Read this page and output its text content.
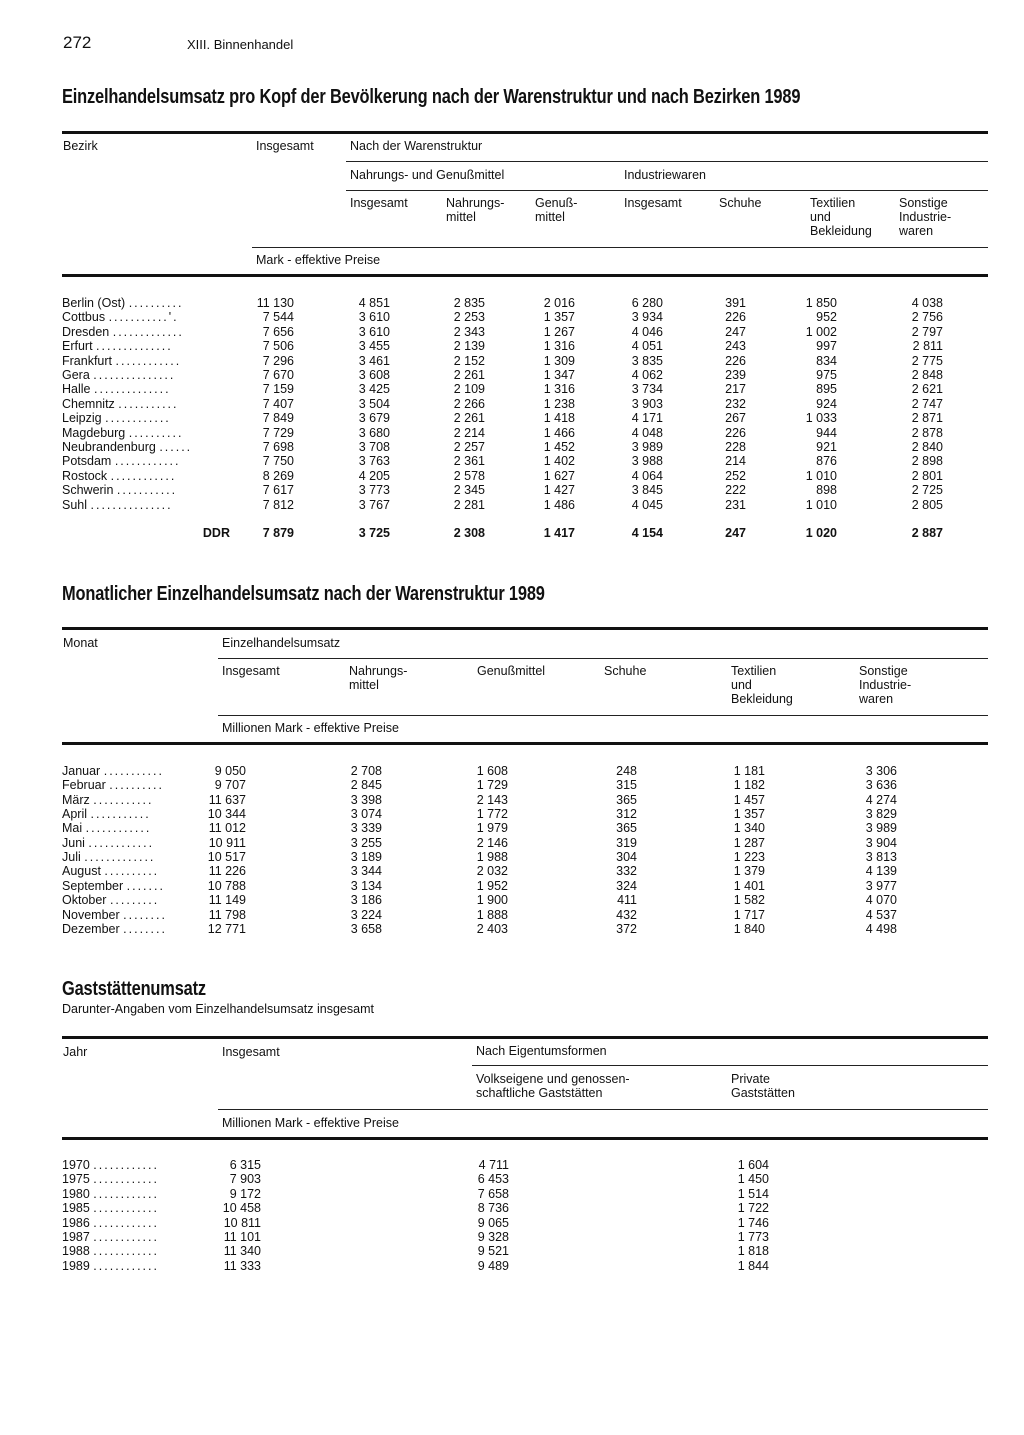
272	XIII. Binnenhandel
Einzelhandelsumsatz pro Kopf der Bevölkerung nach der Warenstruktur und nach Bezirken 1989
Bezirk	Insgesamt	Nach der Warenstruktur
Nahrungs- und Genußmittel	Industriewaren
Insgesamt	Nahrungs-
mittel
Genuß-
mittel
Insgesamt	Schuhe	Textilien
und
Bekleidung
Sonstige
Industrie-
waren
Mark - effektive Preise
Berlin (Ost) ..........	11 130	4 851	2 835	2 016	6 280	391	1 850	4 038
Cottbus ...........'.	7 544	3 610	2 253	1 357	3 934	226	952	2 756
Dresden .............	7 656	3 610	2 343	1 267	4 046	247	1 002	2 797
Erfurt ..............	7 506	3 455	2 139	1 316	4 051	243	997	2 811
Frankfurt ............	7 296	3 461	2 152	1 309	3 835	226	834	2 775
Gera ...............	7 670	3 608	2 261	1 347	4 062	239	975	2 848
Halle ..............	7 159	3 425	2 109	1 316	3 734	217	895	2 621
Chemnitz ...........	7 407	3 504	2 266	1 238	3 903	232	924	2 747
Leipzig ............	7 849	3 679	2 261	1 418	4 171	267	1 033	2 871
Magdeburg ..........	7 729	3 680	2 214	1 466	4 048	226	944	2 878
Neubrandenburg ......	7 698	3 708	2 257	1 452	3 989	228	921	2 840
Potsdam ............	7 750	3 763	2 361	1 402	3 988	214	876	2 898
Rostock ............	8 269	4 205	2 578	1 627	4 064	252	1 010	2 801
Schwerin ...........	7 617	3 773	2 345	1 427	3 845	222	898	2 725
Suhl ...............	7 812	3 767	2 281	1 486	4 045	231	1 010	2 805
DDR	7 879	3 725	2 308	1 417	4 154	247	1 020	2 887
Monatlicher Einzelhandelsumsatz nach der Warenstruktur 1989
Monat	Einzelhandelsumsatz
Insgesamt	Nahrungs-
mittel
Genußmittel	Schuhe	Textilien
und
Bekleidung
Sonstige
Industrie-
waren
Millionen Mark - effektive Preise
Januar ...........	9 050	2 708	1 608	248	1 181	3 306
Februar ..........	9 707	2 845	1 729	315	1 182	3 636
März ...........	11 637	3 398	2 143	365	1 457	4 274
April ...........	10 344	3 074	1 772	312	1 357	3 829
Mai ............	11 012	3 339	1 979	365	1 340	3 989
Juni ............	10 911	3 255	2 146	319	1 287	3 904
Juli .............	10 517	3 189	1 988	304	1 223	3 813
August ..........	11 226	3 344	2 032	332	1 379	4 139
September .......	10 788	3 134	1 952	324	1 401	3 977
Oktober .........	11 149	3 186	1 900	411	1 582	4 070
November ........	11 798	3 224	1 888	432	1 717	4 537
Dezember ........	12 771	3 658	2 403	372	1 840	4 498
Gaststättenumsatz
Darunter-Angaben vom Einzelhandelsumsatz insgesamt
Jahr	Insgesamt	Nach Eigentumsformen
Volkseigene und genossen-
schaftliche Gaststätten
Private
Gaststätten
Millionen Mark - effektive Preise
1970 ............	6 315	4 711	1 604
1975 ............	7 903	6 453	1 450
1980 ............	9 172	7 658	1 514
1985 ............	10 458	8 736	1 722
1986 ............	10 811	9 065	1 746
1987 ............	11 101	9 328	1 773
1988 ............	11 340	9 521	1 818
1989 ............	11 333	9 489	1 844
